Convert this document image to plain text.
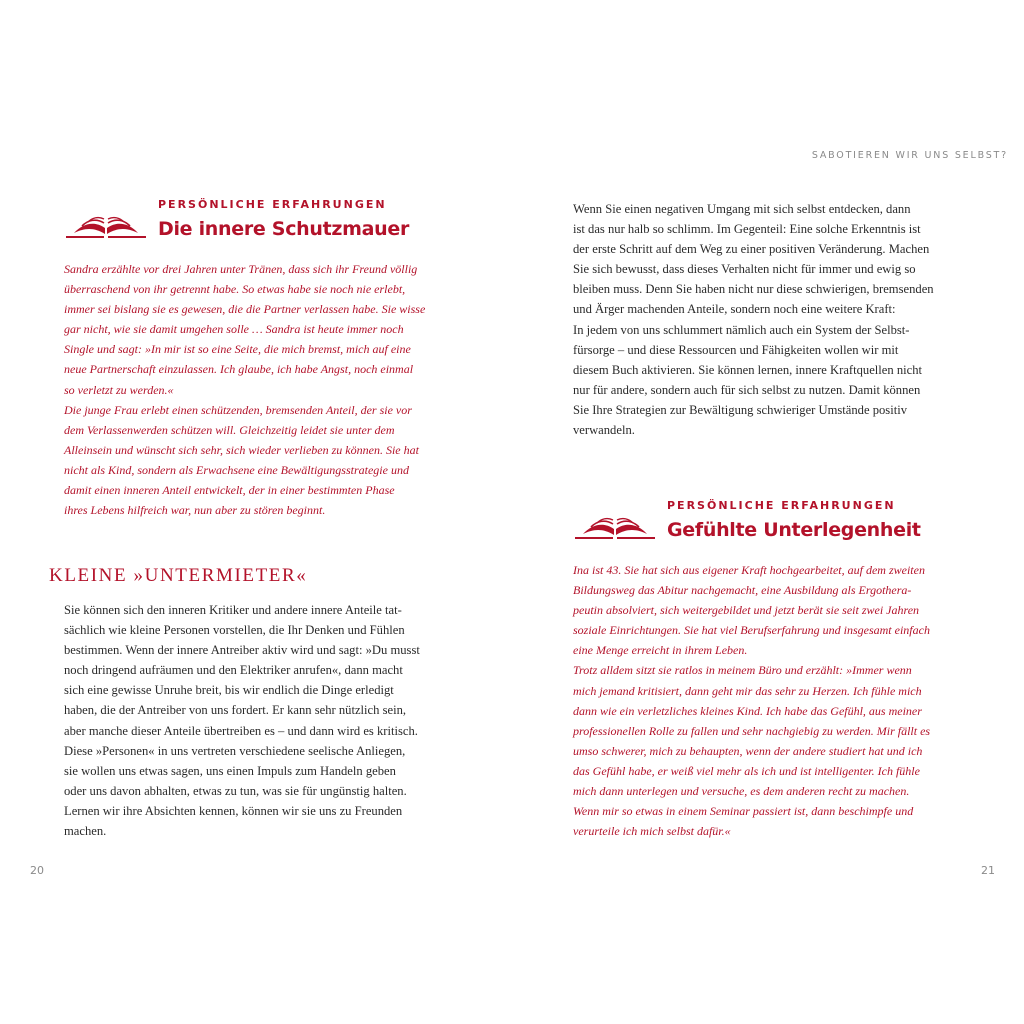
SABOTIEREN WIR UNS SELBST?
PERSÖNLICHE ERFAHRUNGEN
Die innere Schutzmauer
Sandra erzählte vor drei Jahren unter Tränen, dass sich ihr Freund völlig
überraschend von ihr getrennt habe. So etwas habe sie noch nie erlebt,
immer sei bislang sie es gewesen, die die Partner verlassen habe. Sie wisse
gar nicht, wie sie damit umgehen solle … Sandra ist heute immer noch
Single und sagt: »In mir ist so eine Seite, die mich bremst, mich auf eine
neue Partnerschaft einzulassen. Ich glaube, ich habe Angst, noch einmal
so verletzt zu werden.«
Die junge Frau erlebt einen schützenden, bremsenden Anteil, der sie vor
dem Verlassenwerden schützen will. Gleichzeitig leidet sie unter dem
Alleinsein und wünscht sich sehr, sich wieder verlieben zu können. Sie hat
nicht als Kind, sondern als Erwachsene eine Bewältigungsstrategie und
damit einen inneren Anteil entwickelt, der in einer bestimmten Phase
ihres Lebens hilfreich war, nun aber zu stören beginnt.
KLEINE »UNTERMIETER«
Sie können sich den inneren Kritiker und andere innere Anteile tat-
sächlich wie kleine Personen vorstellen, die Ihr Denken und Fühlen
bestimmen. Wenn der innere Antreiber aktiv wird und sagt: »Du musst
noch dringend aufräumen und den Elektriker anrufen«, dann macht
sich eine gewisse Unruhe breit, bis wir endlich die Dinge erledigt
haben, die der Antreiber von uns fordert. Er kann sehr nützlich sein,
aber manche dieser Anteile übertreiben es – und dann wird es kritisch.
Diese »Personen« in uns vertreten verschiedene seelische Anliegen,
sie wollen uns etwas sagen, uns einen Impuls zum Handeln geben
oder uns davon abhalten, etwas zu tun, was sie für ungünstig halten.
Lernen wir ihre Absichten kennen, können wir sie uns zu Freunden
machen.
20
Wenn Sie einen negativen Umgang mit sich selbst entdecken, dann
ist das nur halb so schlimm. Im Gegenteil: Eine solche Erkenntnis ist
der erste Schritt auf dem Weg zu einer positiven Veränderung. Machen
Sie sich bewusst, dass dieses Verhalten nicht für immer und ewig so
bleiben muss. Denn Sie haben nicht nur diese schwierigen, bremsenden
und Ärger machenden Anteile, sondern noch eine weitere Kraft:
In jedem von uns schlummert nämlich auch ein System der Selbst-
fürsorge – und diese Ressourcen und Fähigkeiten wollen wir mit
diesem Buch aktivieren. Sie können lernen, innere Kraftquellen nicht
nur für andere, sondern auch für sich selbst zu nutzen. Damit können
Sie Ihre Strategien zur Bewältigung schwieriger Umstände positiv
verwandeln.
PERSÖNLICHE ERFAHRUNGEN
Gefühlte Unterlegenheit
Ina ist 43. Sie hat sich aus eigener Kraft hochgearbeitet, auf dem zweiten
Bildungsweg das Abitur nachgemacht, eine Ausbildung als Ergothera-
peutin absolviert, sich weitergebildet und jetzt berät sie seit zwei Jahren
soziale Einrichtungen. Sie hat viel Berufserfahrung und insgesamt einfach
eine Menge erreicht in ihrem Leben.
Trotz alldem sitzt sie ratlos in meinem Büro und erzählt: »Immer wenn
mich jemand kritisiert, dann geht mir das sehr zu Herzen. Ich fühle mich
dann wie ein verletzliches kleines Kind. Ich habe das Gefühl, aus meiner
professionellen Rolle zu fallen und sehr nachgiebig zu werden. Mir fällt es
umso schwerer, mich zu behaupten, wenn der andere studiert hat und ich
das Gefühl habe, er weiß viel mehr als ich und ist intelligenter. Ich fühle
mich dann unterlegen und versuche, es dem anderen recht zu machen.
Wenn mir so etwas in einem Seminar passiert ist, dann beschimpfe und
verurteile ich mich selbst dafür.«
21
